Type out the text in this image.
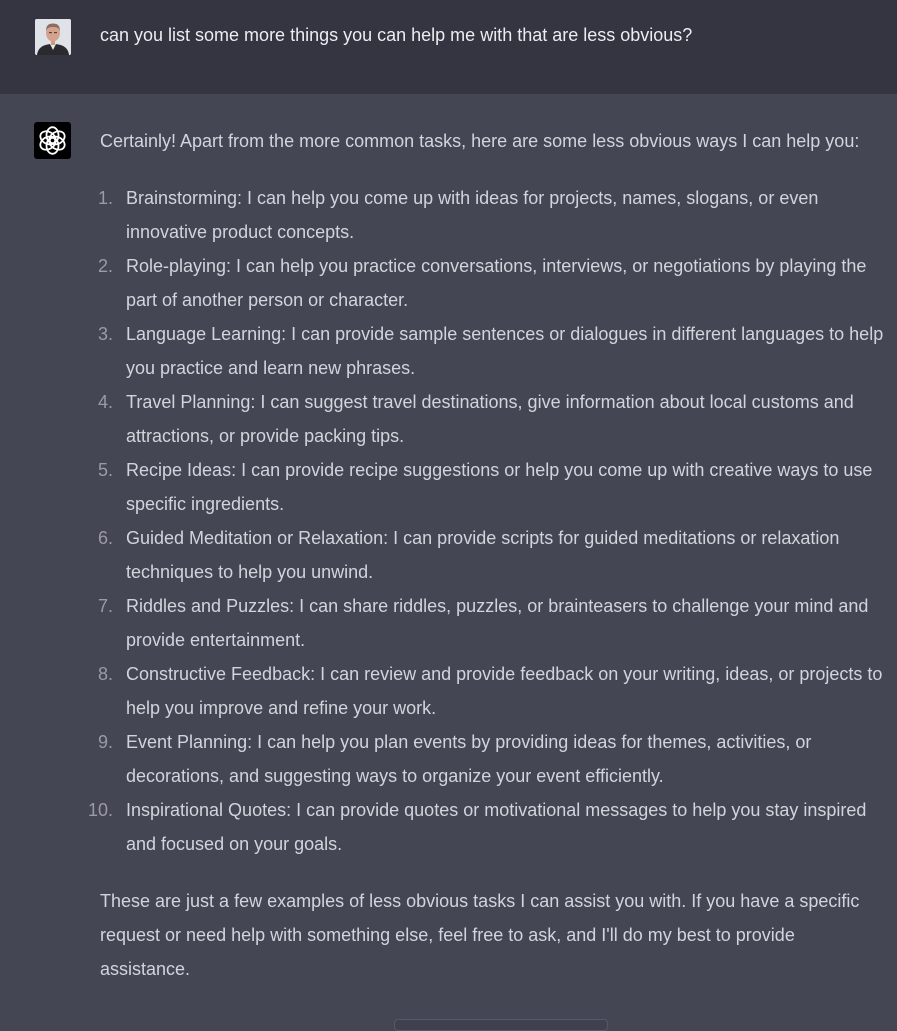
can you list some more things you can help me with that are less obvious?

Certainly! Apart from the more common tasks, here are some less obvious ways I can help you:

1. Brainstorming: I can help you come up with ideas for projects, names, slogans, or even innovative product concepts.
2. Role-playing: I can help you practice conversations, interviews, or negotiations by playing the part of another person or character.
3. Language Learning: I can provide sample sentences or dialogues in different languages to help you practice and learn new phrases.
4. Travel Planning: I can suggest travel destinations, give information about local customs and attractions, or provide packing tips.
5. Recipe Ideas: I can provide recipe suggestions or help you come up with creative ways to use specific ingredients.
6. Guided Meditation or Relaxation: I can provide scripts for guided meditations or relaxation techniques to help you unwind.
7. Riddles and Puzzles: I can share riddles, puzzles, or brainteasers to challenge your mind and provide entertainment.
8. Constructive Feedback: I can review and provide feedback on your writing, ideas, or projects to help you improve and refine your work.
9. Event Planning: I can help you plan events by providing ideas for themes, activities, or decorations, and suggesting ways to organize your event efficiently.
10. Inspirational Quotes: I can provide quotes or motivational messages to help you stay inspired and focused on your goals.

These are just a few examples of less obvious tasks I can assist you with. If you have a specific request or need help with something else, feel free to ask, and I'll do my best to provide assistance.
